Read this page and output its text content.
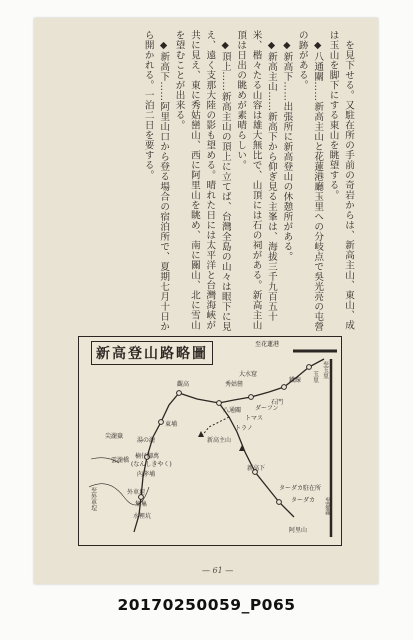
を見下せる。又駐在所の手前の奇岩からは、新高主山、東山、成は玉山を脚下にする東山を眺望する。

◆八通關……新高主山と花蓮港廳玉里への分岐点で吳光亮の屯營の跡がある。

◆新高下……出張所に新高登山の休憩所がある。

◆新高主山……新高下から仰ぎ見る主峯は、海拔三千九百五十米、楷々たる山容は雄大無比で、山頂には石の祠がある。新高主山頂は日出の眺めが素晴らしい。

◆頂上……新高主山の頂上に立てば、台灣全島の山々は眼下に見え、遠く支那大陸の影も望める。晴れた日には太平洋と台灣海峽が共に見え、東に秀姑巒山、西に阿里山を眺め、南に關山、北に雪山を望むことが出来る。

◆新高下……阿里山口から登る場合の宿泊所で、夏期七月十日から開かれる。一泊二日を要する。

新高登山路略圖
至花蓮港
至玉里
玉里
鐵線
大水窟
秀姑巒
石門
ダーフン
トマス
トラノ
觀高
八通關
新高主山
新高下
ターダカ駐在所
ターダカ
阿里山
至嘉義
東埔
楠仔腳萬
(なんしきやく)
內茅埔
水裡坑
集集
外車埕
湯の瀧
雲瀧橋
尖瀧嶽
至外車埕
— 61 —
20170250059_P065
